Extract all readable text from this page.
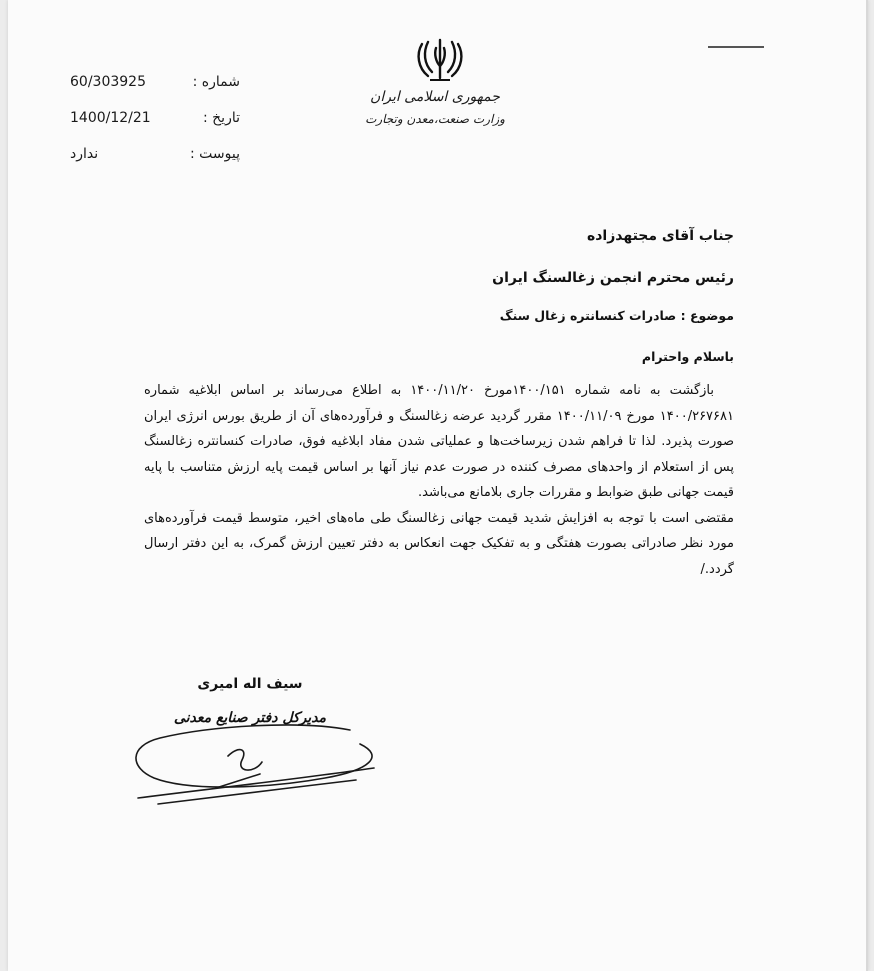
جمهوری اسلامی ایران
وزارت صنعت،معدن وتجارت
شماره :
60/303925
تاریخ :
1400/12/21
پیوست :
ندارد
جناب آقای مجتهدزاده
رئیس محترم انجمن زغالسنگ ایران
موضوع : صادرات کنسانتره زغال سنگ
باسلام واحترام

بازگشت به نامه شماره ۱۴۰۰/۱۵۱مورخ ۱۴۰۰/۱۱/۲۰ به اطلاع می‌رساند بر اساس ابلاغیه شماره ۱۴۰۰/۲۶۷۶۸۱ مورخ ۱۴۰۰/۱۱/۰۹ مقرر گردید عرضه زغالسنگ و فرآورده‌های آن از طریق بورس انرژی ایران صورت پذیرد. لذا تا فراهم شدن زیرساخت‌ها و عملیاتی شدن مفاد ابلاغیه فوق، صادرات کنسانتره زغالسنگ پس از استعلام از واحدهای مصرف کننده در صورت عدم نیاز آنها بر اساس قیمت پایه ارزش متناسب با پایه قیمت جهانی طبق ضوابط و مقررات جاری بلامانع می‌باشد.

مقتضی است با توجه به افزایش شدید قیمت جهانی زغالسنگ طی ماه‌های اخیر، متوسط قیمت فرآورده‌های مورد نظر صادراتی بصورت هفتگی و به تفکیک جهت انعکاس به دفتر تعیین ارزش گمرک، به این دفتر ارسال گردد./

سیف اله امیری
مدیرکل دفتر صنایع معدنی
